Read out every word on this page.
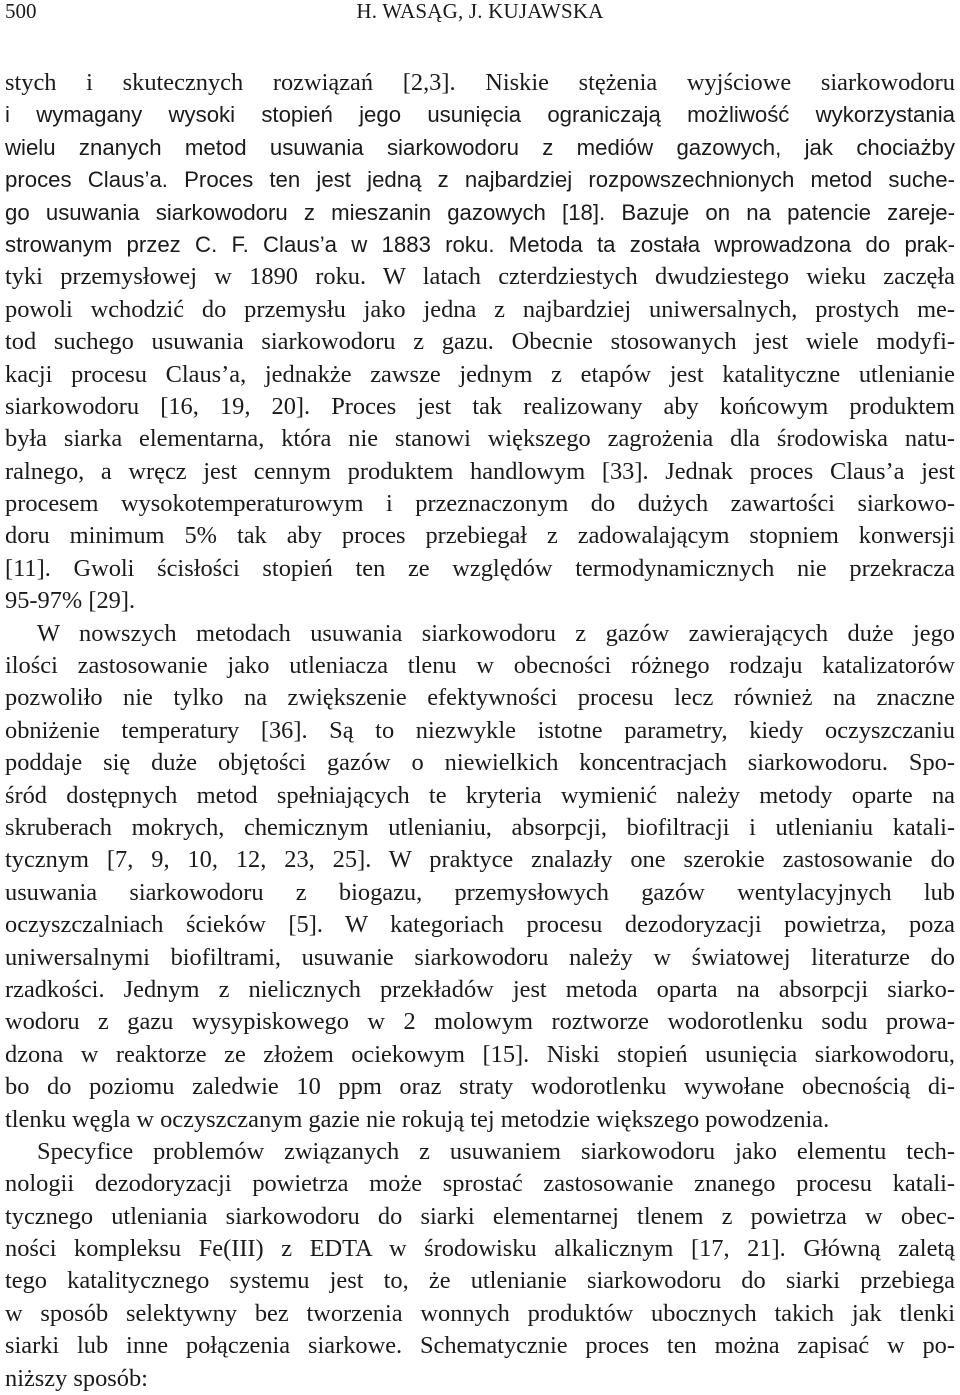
500	H. WASĄG, J. KUJAWSKA
stych i skutecznych rozwiązań [2,3]. Niskie stężenia wyjściowe siarkowodoru
i wymagany wysoki stopień jego usunięcia ograniczają możliwość wykorzystania
wielu znanych metod usuwania siarkowodoru z mediów gazowych, jak chociażby
proces Claus’a. Proces ten jest jedną z najbardziej rozpowszechnionych metod suche-
go usuwania siarkowodoru z mieszanin gazowych [18]. Bazuje on na patencie zareje-
strowanym przez C. F. Claus’a w 1883 roku. Metoda ta została wprowadzona do prak-
tyki przemysłowej w 1890 roku. W latach czterdziestych dwudziestego wieku zaczęła
powoli wchodzić do przemysłu jako jedna z najbardziej uniwersalnych, prostych me-
tod suchego usuwania siarkowodoru z gazu. Obecnie stosowanych jest wiele modyfi-
kacji procesu Claus’a, jednakże zawsze jednym z etapów jest katalityczne utlenianie
siarkowodoru [16, 19, 20]. Proces jest tak realizowany aby końcowym produktem
była siarka elementarna, która nie stanowi większego zagrożenia dla środowiska natu-
ralnego, a wręcz jest cennym produktem handlowym [33]. Jednak proces Claus’a jest
procesem wysokotemperaturowym i przeznaczonym do dużych zawartości siarkowo-
doru minimum 5% tak aby proces przebiegał z zadowalającym stopniem konwersji
[11]. Gwoli ścisłości stopień ten ze względów termodynamicznych nie przekracza
95-97% [29].
W nowszych metodach usuwania siarkowodoru z gazów zawierających duże jego
ilości zastosowanie jako utleniacza tlenu w obecności różnego rodzaju katalizatorów
pozwoliło nie tylko na zwiększenie efektywności procesu lecz również na znaczne
obniżenie temperatury [36]. Są to niezwykle istotne parametry, kiedy oczyszczaniu
poddaje się duże objętości gazów o niewielkich koncentracjach siarkowodoru. Spo-
śród dostępnych metod spełniających te kryteria wymienić należy metody oparte na
skruberach mokrych, chemicznym utlenianiu, absorpcji, biofiltracji i utlenianiu katali-
tycznym [7, 9, 10, 12, 23, 25]. W praktyce znalazły one szerokie zastosowanie do
usuwania siarkowodoru z biogazu, przemysłowych gazów wentylacyjnych lub
oczyszczalniach ścieków [5]. W kategoriach procesu dezodoryzacji powietrza, poza
uniwersalnymi biofiltrami, usuwanie siarkowodoru należy w światowej literaturze do
rzadkości. Jednym z nielicznych przekładów jest metoda oparta na absorpcji siarko-
wodoru z gazu wysypiskowego w 2 molowym roztworze wodorotlenku sodu prowa-
dzona w reaktorze ze złożem ociekowym [15]. Niski stopień usunięcia siarkowodoru,
bo do poziomu zaledwie 10 ppm oraz straty wodorotlenku wywołane obecnością di-
tlenku węgla w oczyszczanym gazie nie rokują tej metodzie większego powodzenia.
Specyfice problemów związanych z usuwaniem siarkowodoru jako elementu tech-
nologii dezodoryzacji powietrza może sprostać zastosowanie znanego procesu katali-
tycznego utleniania siarkowodoru do siarki elementarnej tlenem z powietrza w obec-
ności kompleksu Fe(III) z EDTA w środowisku alkalicznym [17, 21]. Główną zaletą
tego katalitycznego systemu jest to, że utlenianie siarkowodoru do siarki przebiega
w sposób selektywny bez tworzenia wonnych produktów ubocznych takich jak tlenki
siarki lub inne połączenia siarkowe. Schematycznie proces ten można zapisać w po-
niższy sposób:
